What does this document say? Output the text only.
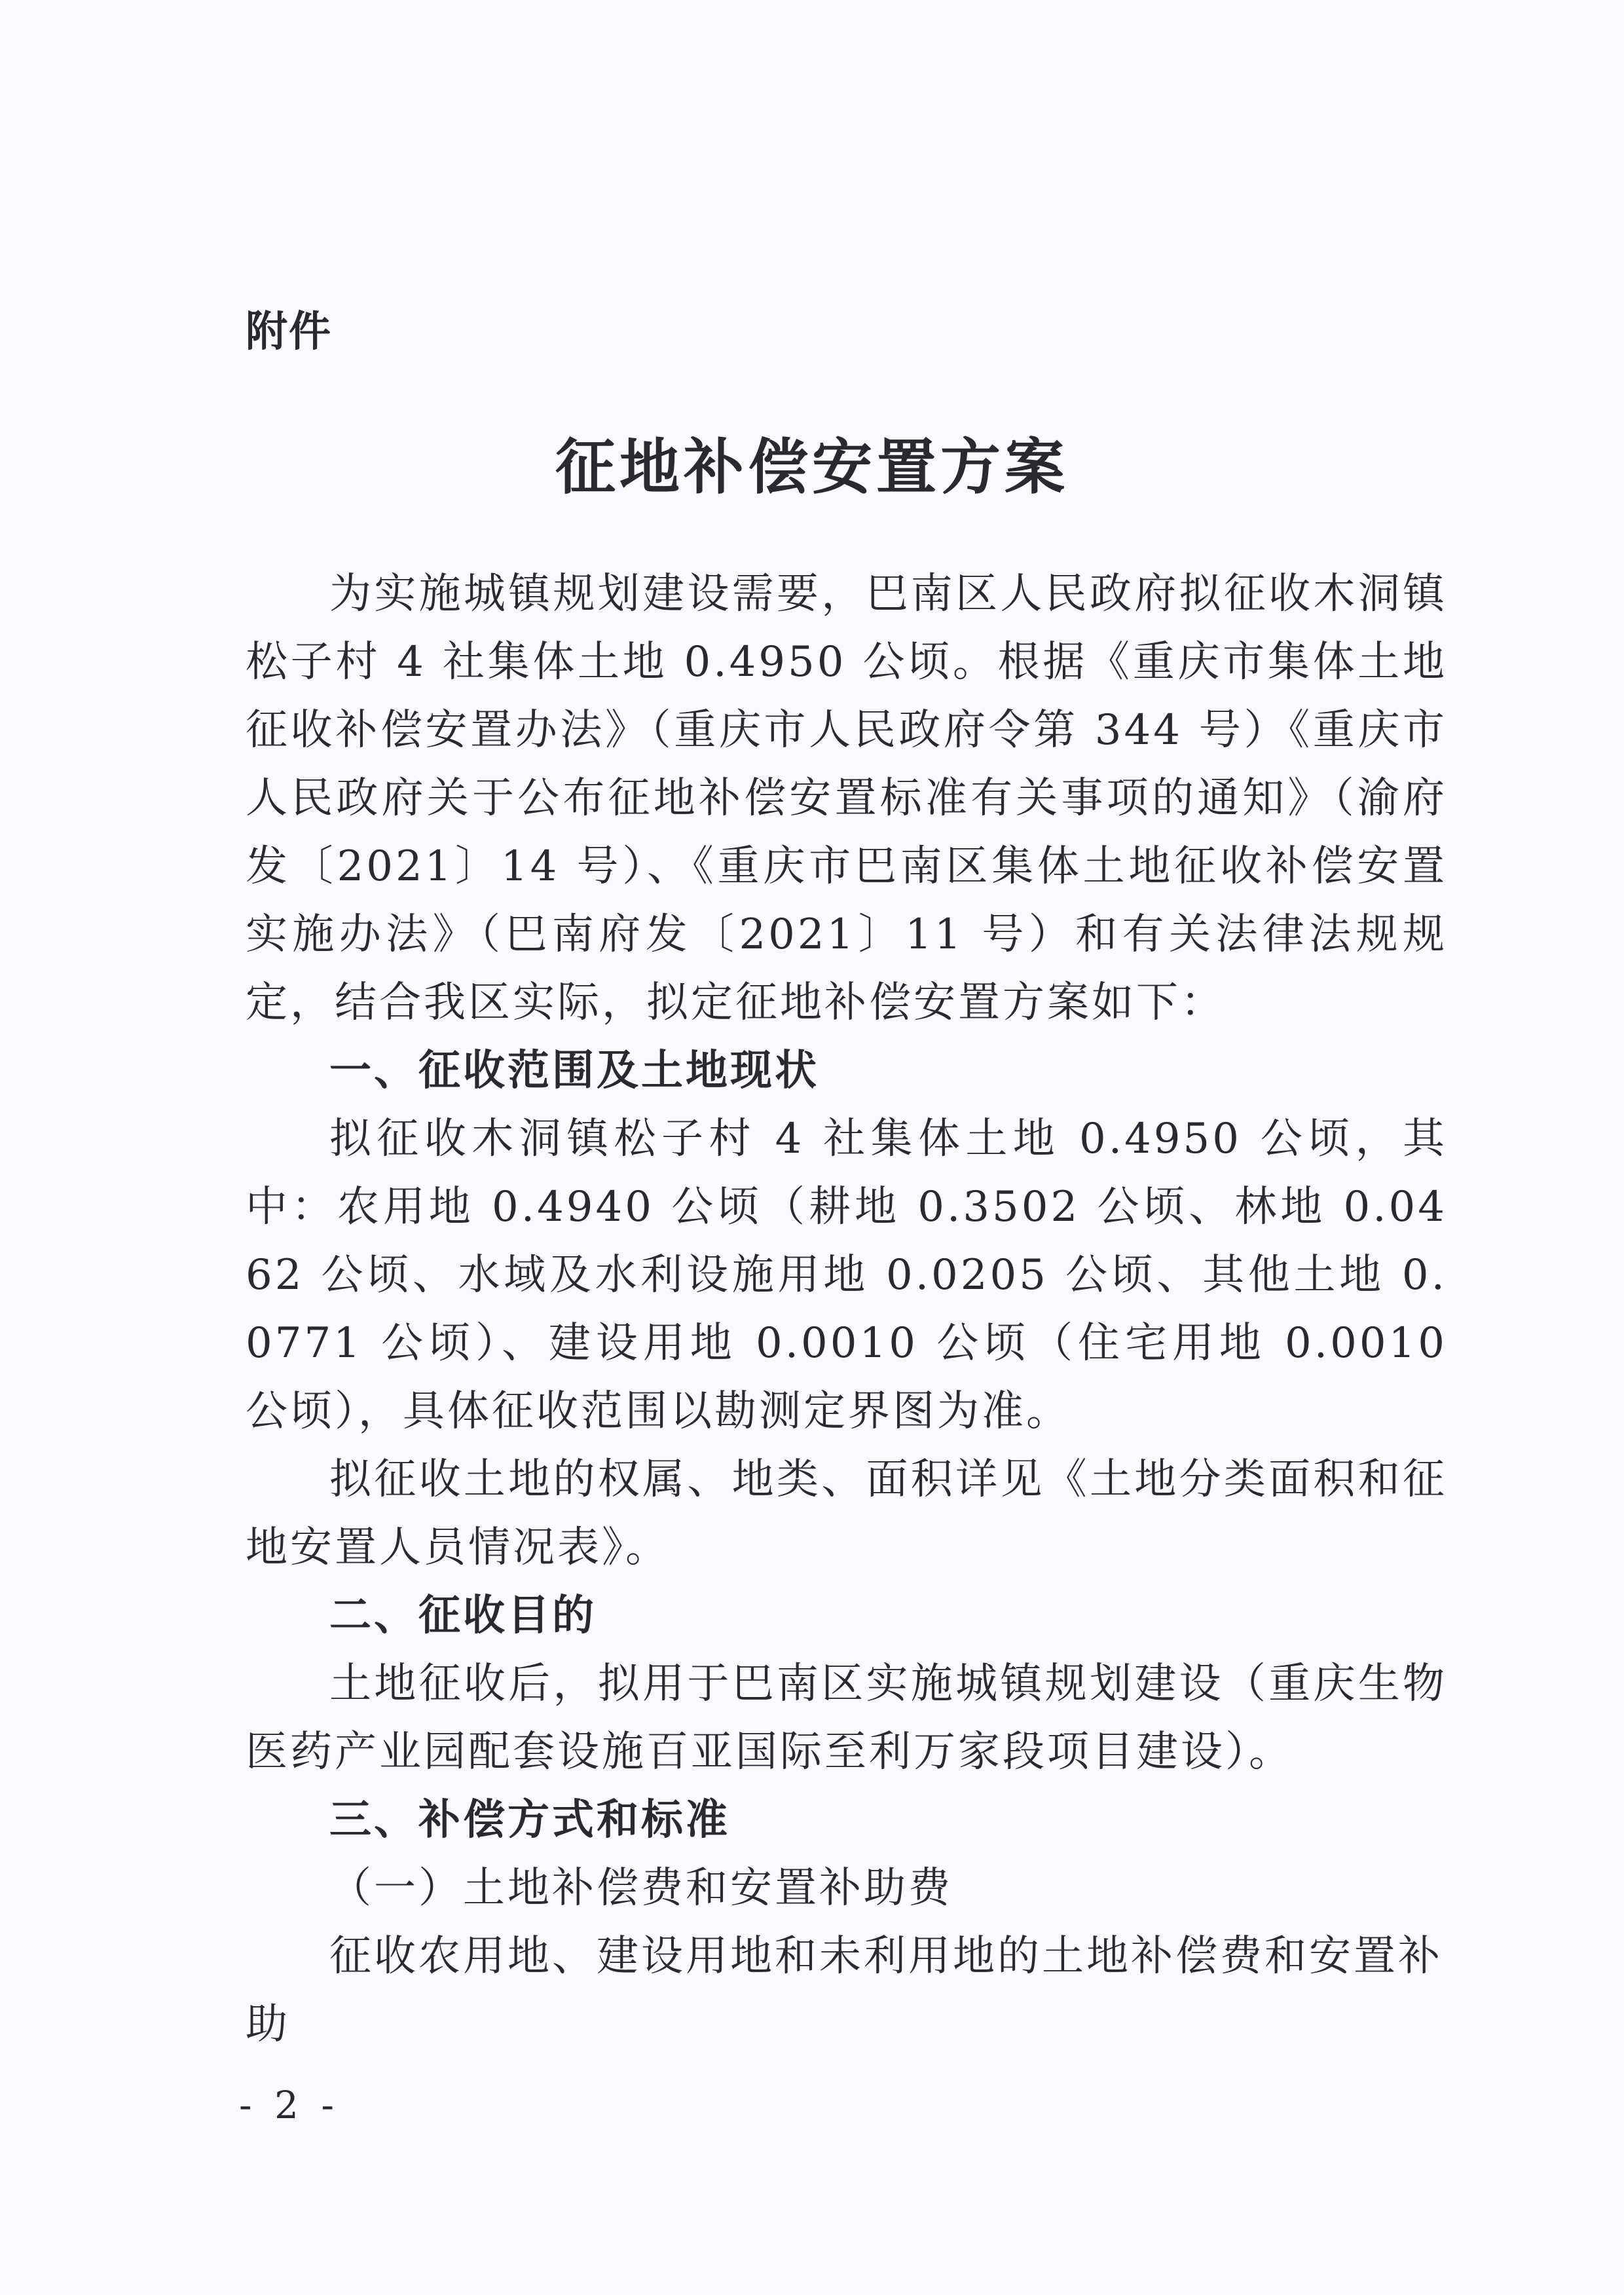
附件
征地补偿安置方案

为实施城镇规划建设需要，巴南区人民政府拟征收木洞镇松子村 4 社集体土地 0.4950 公顷。根据《重庆市集体土地征收补偿安置办法》（重庆市人民政府令第 344 号）《重庆市人民政府关于公布征地补偿安置标准有关事项的通知》（渝府发〔2021〕14 号）、《重庆市巴南区集体土地征收补偿安置实施办法》（巴南府发〔2021〕11 号）和有关法律法规规定，结合我区实际，拟定征地补偿安置方案如下：

一、征收范围及土地现状

拟征收木洞镇松子村 4 社集体土地 0.4950 公顷，其中：农用地 0.4940 公顷（耕地 0.3502 公顷、林地 0.0462 公顷、水域及水利设施用地 0.0205 公顷、其他土地 0.0771 公顷）、建设用地 0.0010 公顷（住宅用地 0.0010 公顷），具体征收范围以勘测定界图为准。

拟征收土地的权属、地类、面积详见《土地分类面积和征地安置人员情况表》。

二、征收目的

土地征收后，拟用于巴南区实施城镇规划建设（重庆生物医药产业园配套设施百亚国际至利万家段项目建设）。

三、补偿方式和标准

（一）土地补偿费和安置补助费

征收农用地、建设用地和未利用地的土地补偿费和安置补助

- 2 -
